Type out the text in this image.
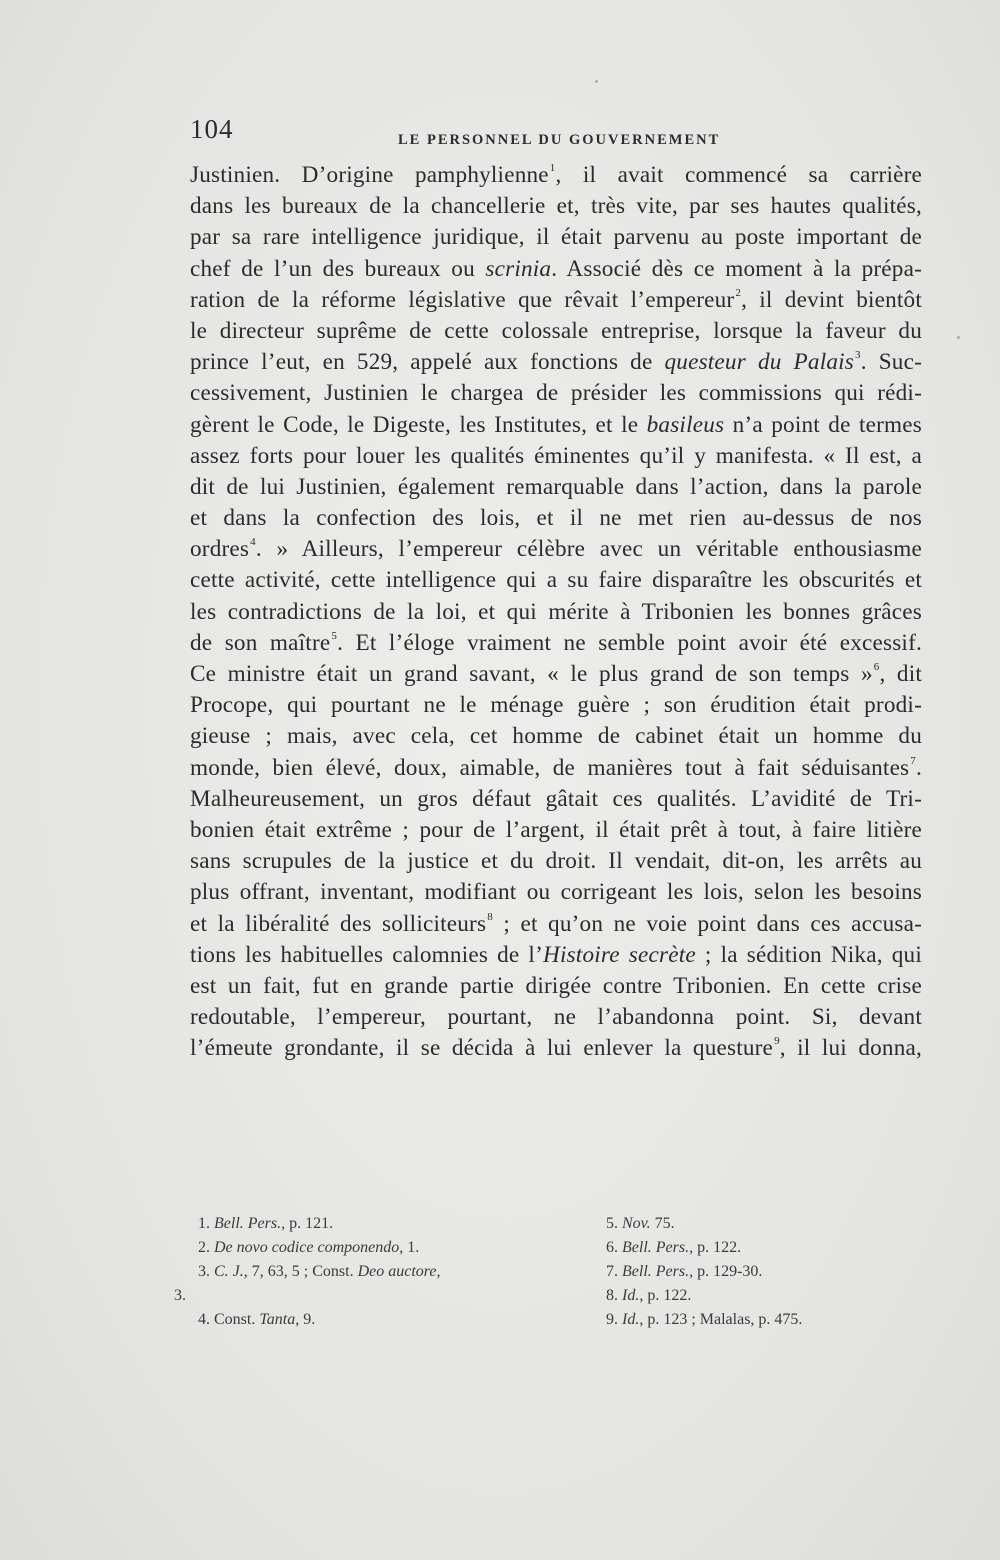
104	LE PERSONNEL DU GOUVERNEMENT
Justinien. D’origine pamphylienne$^1$, il avait commencé sa carrière
dans les bureaux de la chancellerie et, très vite, par ses hautes qualités,
par sa rare intelligence juridique, il était parvenu au poste important de
chef de l’un des bureaux ou scrinia. Associé dès ce moment à la prépa-
ration de la réforme législative que rêvait l’empereur$^2$, il devint bientôt
le directeur suprême de cette colossale entreprise, lorsque la faveur du
prince l’eut, en 529, appelé aux fonctions de questeur du Palais$^3$. Suc-
cessivement, Justinien le chargea de présider les commissions qui rédi-
gèrent le Code, le Digeste, les Institutes, et le basileus n’a point de termes
assez forts pour louer les qualités éminentes qu’il y manifesta. « Il est, a
dit de lui Justinien, également remarquable dans l’action, dans la parole
et dans la confection des lois, et il ne met rien au-dessus de nos
ordres$^4$. » Ailleurs, l’empereur célèbre avec un véritable enthousiasme
cette activité, cette intelligence qui a su faire disparaître les obscurités et
les contradictions de la loi, et qui mérite à Tribonien les bonnes grâces
de son maître$^5$. Et l’éloge vraiment ne semble point avoir été excessif.
Ce ministre était un grand savant, « le plus grand de son temps »$^6$, dit
Procope, qui pourtant ne le ménage guère ; son érudition était prodi-
gieuse ; mais, avec cela, cet homme de cabinet était un homme du
monde, bien élevé, doux, aimable, de manières tout à fait séduisantes$^7$.
Malheureusement, un gros défaut gâtait ces qualités. L’avidité de Tri-
bonien était extrême ; pour de l’argent, il était prêt à tout, à faire litière
sans scrupules de la justice et du droit. Il vendait, dit-on, les arrêts au
plus offrant, inventant, modifiant ou corrigeant les lois, selon les besoins
et la libéralité des solliciteurs$^8$ ; et qu’on ne voie point dans ces accusa-
tions les habituelles calomnies de l’Histoire secrète ; la sédition Nika, qui
est un fait, fut en grande partie dirigée contre Tribonien. En cette crise
redoutable, l’empereur, pourtant, ne l’abandonna point. Si, devant
l’émeute grondante, il se décida à lui enlever la questure$^9$, il lui donna,
1. Bell. Pers., p. 121.
2. De novo codice componendo, 1.
3. C. J., 7, 63, 5 ; Const. Deo auctore,
3.
4. Const. Tanta, 9.
5. Nov. 75.
6. Bell. Pers., p. 122.
7. Bell. Pers., p. 129-30.
8. Id., p. 122.
9. Id., p. 123 ; Malalas, p. 475.
